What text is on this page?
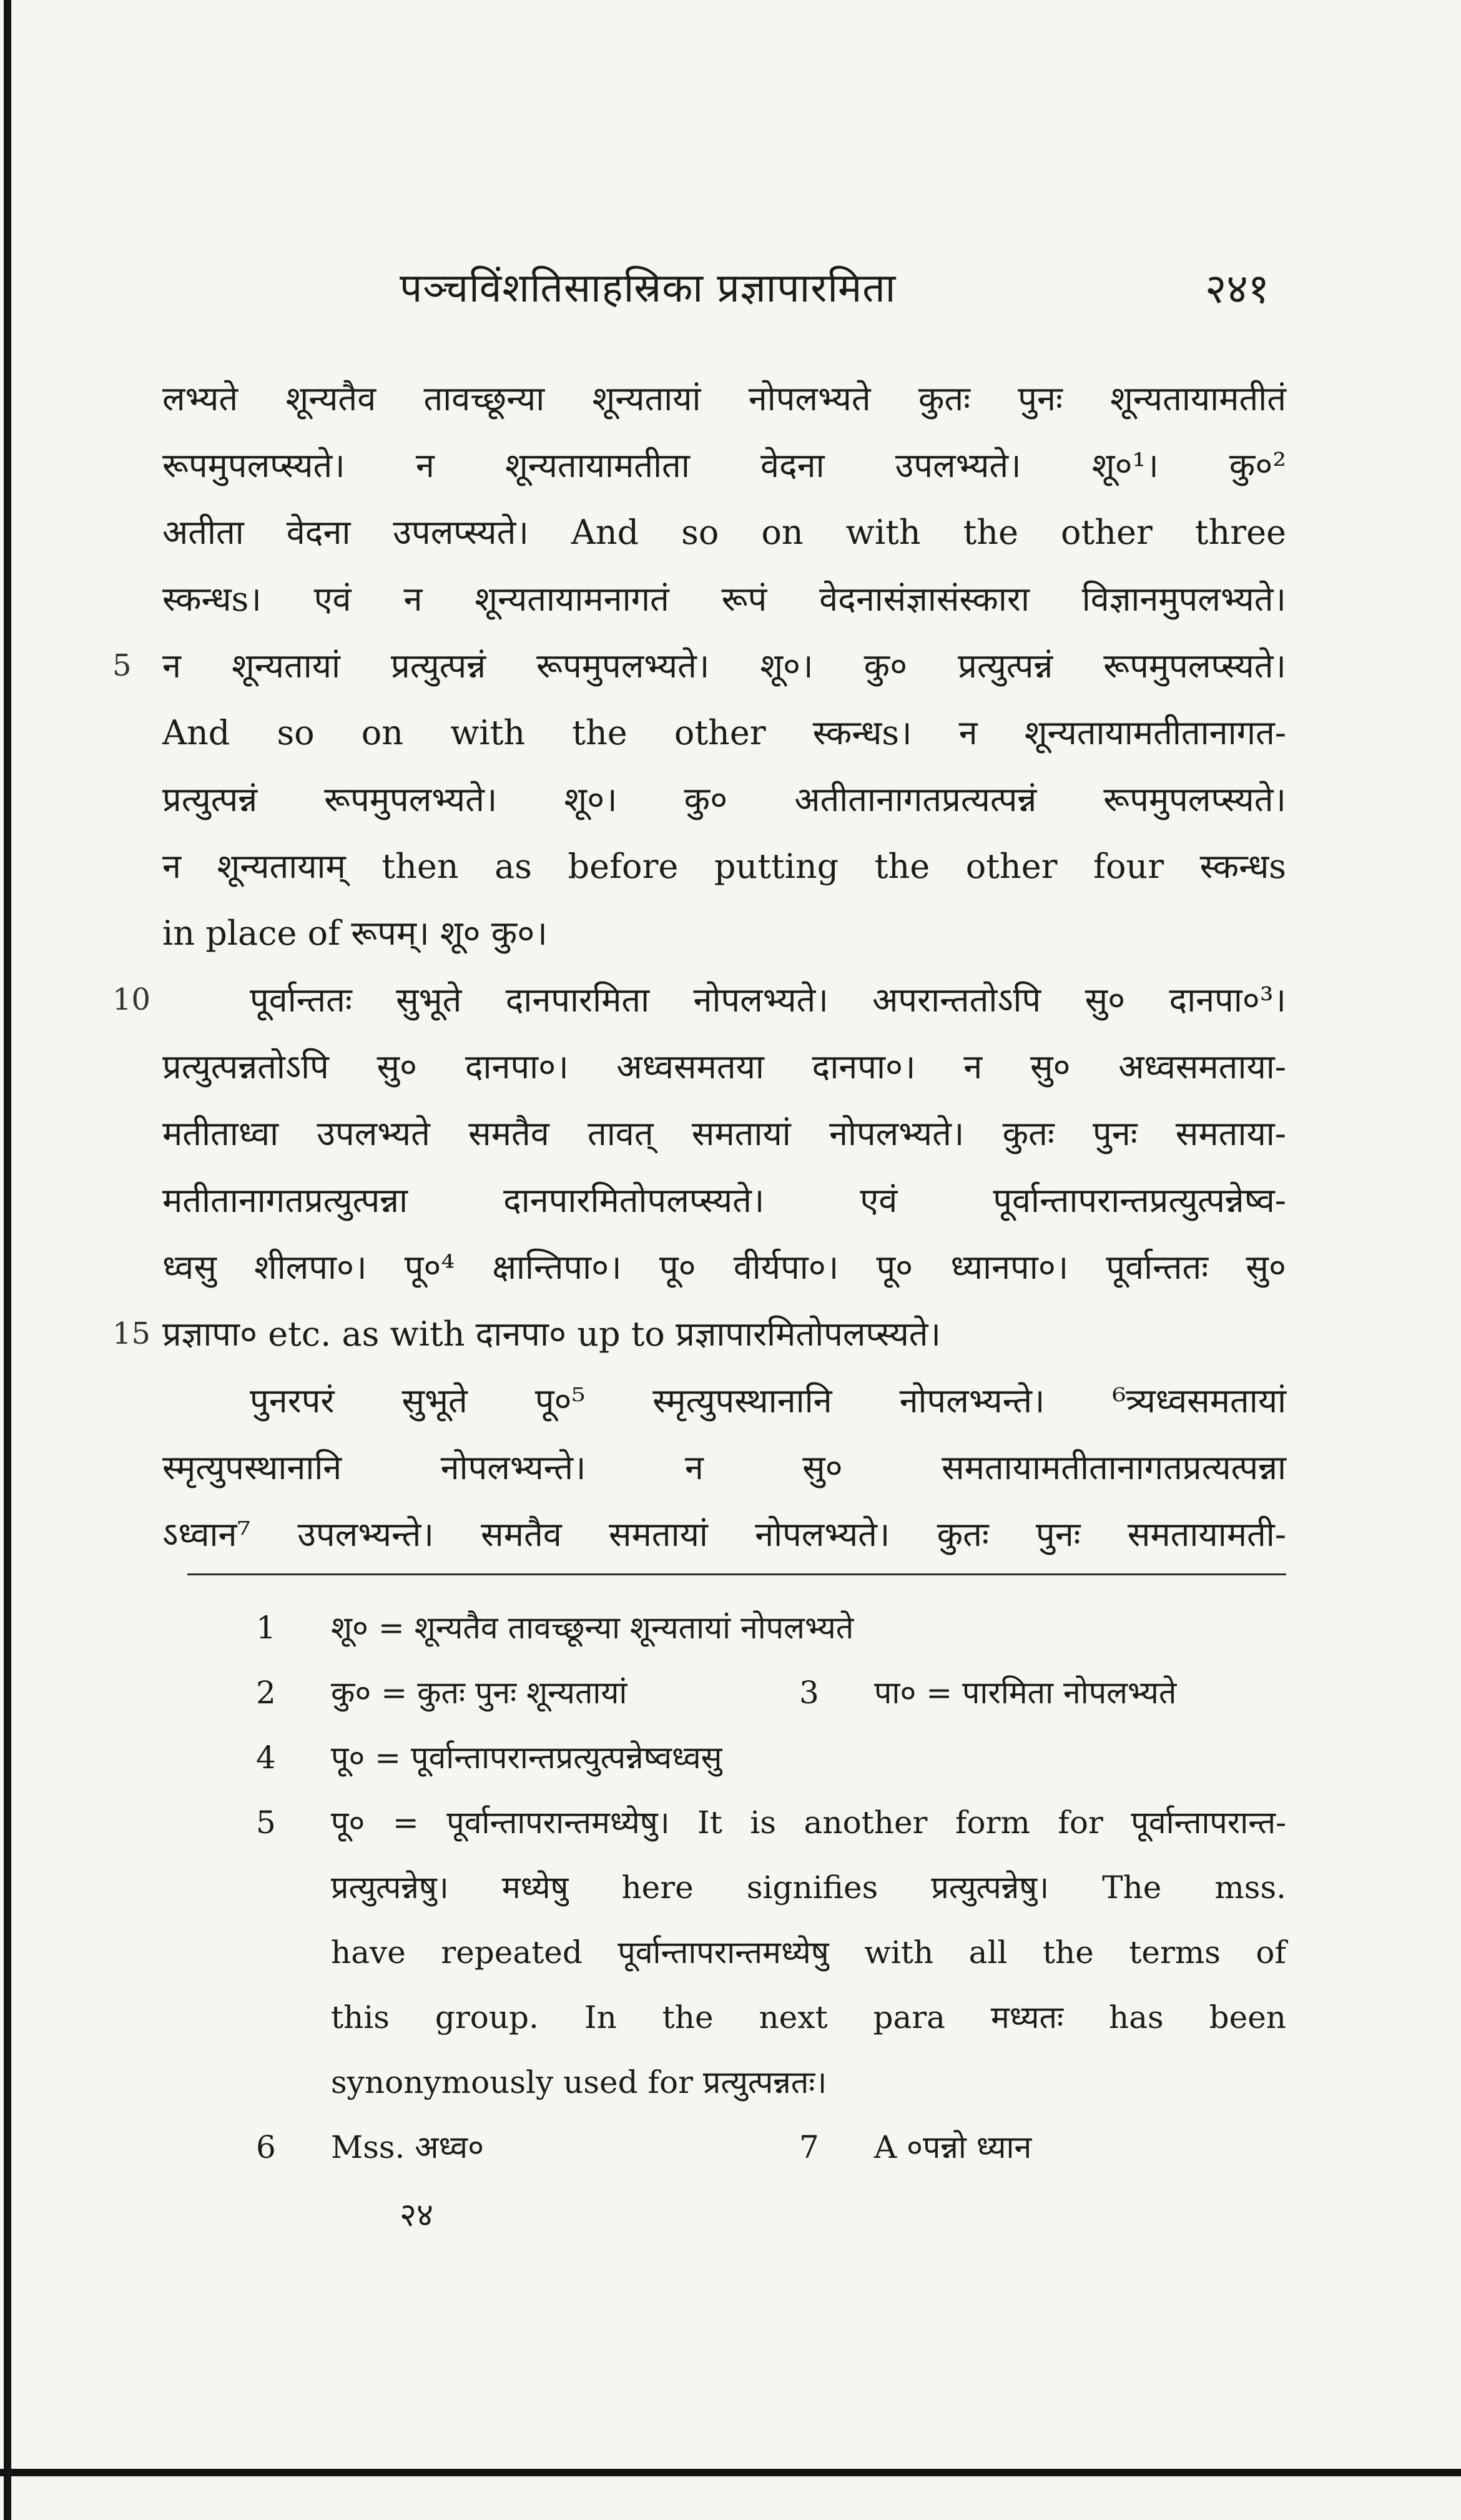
पञ्चविंशतिसाहस्रिका प्रज्ञापारमिता	२४१
लभ्यते शून्यतैव तावच्छून्या शून्यतायां नोपलभ्यते कुतः पुनः शून्यतायामतीतं
रूपमुपलप्स्यते। न शून्यतायामतीता वेदना उपलभ्यते। शू०¹। कु०²
अतीता वेदना उपलप्स्यते। And so on with the other three
स्कन्धs। एवं न शून्यतायामनागतं रूपं वेदनासंज्ञासंस्कारा विज्ञानमुपलभ्यते।
5 न शून्यतायां प्रत्युत्पन्नं रूपमुपलभ्यते। शू०। कु० प्रत्युत्पन्नं रूपमुपलप्स्यते।
And so on with the other स्कन्धs। न शून्यतायामतीतानागत-
प्रत्युत्पन्नं रूपमुपलभ्यते। शू०। कु० अतीतानागतप्रत्यत्पन्नं रूपमुपलप्स्यते।
न शून्यतायाम् then as before putting the other four स्कन्धs
in place of रूपम्। शू० कु०।
10	पूर्वान्ततः सुभूते दानपारमिता नोपलभ्यते। अपरान्ततोऽपि सु० दानपा०³।
प्रत्युत्पन्नतोऽपि सु० दानपा०। अध्वसमतया दानपा०। न सु० अध्वसमताया-
मतीताध्वा उपलभ्यते समतैव तावत् समतायां नोपलभ्यते। कुतः पुनः समताया-
मतीतानागतप्रत्युत्पन्ना दानपारमितोपलप्स्यते। एवं पूर्वान्तापरान्तप्रत्युत्पन्नेष्व-
ध्वसु शीलपा०। पू०⁴ क्षान्तिपा०। पू० वीर्यपा०। पू० ध्यानपा०। पूर्वान्ततः सु०
15 प्रज्ञापा० etc. as with दानपा० up to प्रज्ञापारमितोपलप्स्यते।
पुनरपरं सुभूते पू०⁵ स्मृत्युपस्थानानि नोपलभ्यन्ते। ⁶त्र्यध्वसमतायां
स्मृत्युपस्थानानि नोपलभ्यन्ते। न सु० समतायामतीतानागतप्रत्यत्पन्ना
ऽध्वान⁷ उपलभ्यन्ते। समतैव समतायां नोपलभ्यते। कुतः पुनः समतायामती-
1 शू० = शून्यतैव तावच्छून्या शून्यतायां नोपलभ्यते
2 कु० = कुतः पुनः शून्यतायां	3 पा० = पारमिता नोपलभ्यते
4 पू० = पूर्वान्तापरान्तप्रत्युत्पन्नेष्वध्वसु
5 पू० = पूर्वान्तापरान्तमध्येषु। It is another form for पूर्वान्तापरान्त-
प्रत्युत्पन्नेषु। मध्येषु here signifies प्रत्युत्पन्नेषु। The mss.
have repeated पूर्वान्तापरान्तमध्येषु with all the terms of
this group. In the next para मध्यतः has been
synonymously used for प्रत्युत्पन्नतः।
6 Mss. अध्व०	7 A ०पन्नो ध्यान
२४
